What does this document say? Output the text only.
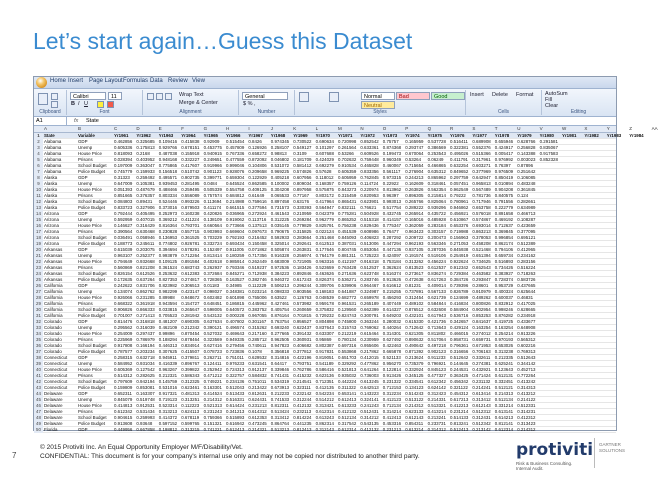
Let’s start again…Guess this Dataset
Home Insert Page Layout Formulas Data Review View
Clipboard
Calibri	11
B I U
Font
Wrap Text
Merge & Center
Alignment
General
$ % ,
Number
Normal	Bad	Good
Neutral
Styles
Insert Delete Format
Cells
AutoSum
Fill
Clear
Editing
A1	fx State
A	B	C	D	E	F	G	H	I	J	K	L	M	N	O	P	Q	R	S	T	U	V	W	X	Y	Z	AA
1 State	Variable	Yr1961 Yr1962 Yr1963 Yr1964 Yr1965 Yr1966 Yr1967 Yr1968 Yr1969 Yr1970 Yr1971 Yr1972 Yr1973 Yr1974 Yr1975 Yr1976 Yr1977 Yr1978 Yr1979 Yr1980 Yr1981 Yr1982 Yr1983 Yr1984
2 Alabama	GDP	0.462856 0.325685 0.109416 0.415838 0.92909 0.515454 0.8426 0.974345 0.730522 0.690634 0.720998 0.852542 0.75757 0.165959 0.537728 0.516411 0.689908 0.655946 0.628766 0.291581
3 Alabama	Unemp	0.605336 0.175813 0.929766 0.678151 0.453775 0.457809 0.126926 0.258107 0.549127 0.101297 0.261564 0.633361 0.874368 0.293747 0.386569 0.322381 0.552376 0.424917 0.256828 0.835067
4 Alabama	House Price	0.818093 0.2168 0.487038 0.155918 0.940915 0.767336 0.658272 0.98813 0.3109 0.607688 0.53266 0.609526 0.199473 0.670064 0.253543 0.495026 0.515366 0.005417 0.143388 0.917583
5 Alabama	Prisons	0.028394 0.403952 0.948168 0.332227 0.249651 0.477559 0.872092 0.046802 0.181709 0.424029 0.702632 0.759448 0.960349 0.53264 0.06249 0.411791 0.317961 0.976992 0.003023 0.852328
6 Alabama	School Budget 0.197009 0.363047 0.775865 0.417607 0.919966 0.999046 0.104806 0.531072 0.581412 0.692279 0.910534 0.465828 0.460067 0.715654 0.466865 0.632254 0.603271 0.76397 0.87896
7 Alabama	Police Budget 0.745779 0.159933 0.156518 0.510742 0.901123 0.928076 0.209658 0.969225 0.574826 0.57628 0.605359 0.833356 0.561117 0.276904 0.635312 0.849652 0.377969 0.976509 0.251642
8 Alaska	GDP	0.31323 0.259492 0.495571 0.902735 0.399771 0.659304 0.122929 0.405218 0.607956 0.118012 0.605959 0.762845 0.973315 0.244213 0.865962 0.297759 0.642947 0.850419 0.106085
9 Alaska	Unemp	0.647009 0.105381 0.939453 0.281495 0.0484 0.645524 0.862585 0.100002 0.809034 0.168357 0.759126 0.114724 0.22922 0.162609 0.318461 0.057451 0.965813 0.010894 0.483248
10 Alaska	House Price	0.051393 0.487679 0.488466 0.259495 0.505339 0.554758 0.409125 0.304208 0.897958 0.575875 0.843273 0.220974 0.813962 0.263826 0.562354 0.962549 0.567489 0.904208 0.361845
11 Alaska	Prisons	0.851665 0.376357 0.803334 0.556089 0.757574 0.684812 0.61649 0.065533 0.77167 0.803172 0.315459 0.820953 0.96397 0.896305 0.215814 0.79222 0.781736 0.840575 0.124
12 Alaska	School Budget 0.084803 0.89431 0.524446 0.993226 0.113694 0.214988 0.759616 0.897458 0.63176 0.417964 0.865431 0.623901 0.993013 0.265766 0.825064 0.780961 0.717946 0.791556 0.282661
13 Alaska	Police Budget 0.833723 0.327906 0.373016 0.879503 0.411174 0.661515 0.377594 0.731573 0.330393 0.564947 0.832111 0.76621 0.517754 0.289222 0.939296 0.946862 0.653758 0.222779 0.634989
14 Arizona	GDP	0.792444 0.405495 0.252973 0.160238 0.420826 0.036965 0.272924 0.461543 0.210959 0.042379 0.775281 0.504928 0.432745 0.265914 0.435722 0.456921 0.576018 0.891658 0.466713
15 Arizona	Unemp	0.592959 0.407015 0.369212 0.411224 0.138109 0.919062 0.113716 0.312225 0.269284 0.962779 0.865252 0.515318 0.414157 0.165016 0.485928 0.610867 0.574867 0.469192 0.108287
16 Arizona	House Price	0.146627 0.316429 0.816364 0.793701 0.660564 0.773666 0.137513 0.035145 0.779829 0.825791 0.756238 0.829436 0.775347 0.362059 0.283184 0.653376 0.693014 0.712637 0.423659
17 Arizona	Prisons	0.390564 0.630468 0.230828 0.557715 0.903993 0.669604 0.097673 0.790675 0.315825 0.022124 0.451539 0.608986 0.76477 0.963423 0.303157 0.719988 0.863213 0.369845 0.377095
18 Arizona	School Budget 0.036491 0.058946 0.136953 0.361525 0.703229 0.792193 0.216452 0.592933 0.283664 0.251468 0.845093 0.406823 0.287292 0.209722 0.200473 0.156963 0.378053 0.996854 0.695121
19 Arizona	Police Budget 0.188773 0.245611 0.774802 0.926781 0.332724 0.693434 0.150458 0.325014 0.292641 0.612513 0.387031 0.513006 0.447294 0.962193 0.563346 0.271053 0.458208 0.862174 0.512389
20 Arkansas	GDP	0.615039 0.203075 0.394694 0.578291 0.152497 0.911005 0.071862 0.505874 0.263831 0.177646 0.804745 0.853054 0.447136 0.937105 0.287036 0.845938 0.521468 0.794106 0.412965
21 Arkansas	Unemp	0.963107 0.252377 0.993879 0.712264 0.813414 0.180259 0.717356 0.916328 0.256974 0.764179 0.881311 0.725223 0.424097 0.191574 0.519106 0.254919 0.651394 0.659734 0.234162
22 Arkansas	House Price	0.794649 0.932668 0.109125 0.891584 0.402618 0.985914 0.262449 0.683009 0.721905 0.963316 0.412197 0.916318 0.753184 0.313262 0.456224 0.922624 0.734625 0.516893 0.283156
23 Arkansas	Prisons	0.560869 0.821208 0.361524 0.683743 0.262937 0.793346 0.519237 0.972536 0.183426 0.523659 0.763428 0.512537 0.362624 0.813523 0.612537 0.912342 0.652543 0.734426 0.516224
24 Arkansas	School Budget 0.826154 0.612526 0.253632 0.612383 0.372684 0.845271 0.712938 0.384223 0.892846 0.463626 0.271636 0.623748 0.516374 0.273617 0.836274 0.729384 0.463582 0.383927 0.718263
25 Arkansas	Police Budget 0.172635 0.637264 0.827353 0.274817 0.728365 0.163527 0.382746 0.946372 0.617243 0.826374 0.536271 0.283746 0.913626 0.472638 0.617263 0.384726 0.293847 0.728374 0.583726
26 California	GDP	0.242622 0.831706 0.823982 0.306513 0.01183 0.34985 0.112229 0.506213 0.296244 0.309706 0.539906 0.964467 0.616612 0.81231 0.409014 0.739396 0.28601 0.953729 0.437665
27 California	Unemp	0.134074 0.862762 0.982299 0.423147 0.098027 0.348381 0.023214 0.098333 0.903556 0.168183 0.641887 0.324987 0.215255 0.737891 0.567133 0.826789 0.910979 0.400324 0.625644
28 California	House Price	0.926066 0.231285 0.89988 0.948672 0.602482 0.601898 0.755006 0.63522 0.126763 0.048539 0.682772 0.659978 0.456293 0.312454 0.621739 0.124699 0.489262 0.600037 0.46831
29 California	Prisons	0.668322 0.361918 0.943594 0.154727 0.648451 0.186815 0.445962 0.427461 0.573982 0.959178 0.961531 0.265189 0.407449 0.489102 0.584844 0.416834 0.800826 0.832912 0.417025
30 California	School Budget 0.906826 0.866333 0.033815 0.265647 0.598005 0.640572 0.383752 0.405754 0.260659 0.375832 0.129560 0.662399 0.614327 0.876512 0.632608 0.584904 0.902954 0.998246 0.628665
31 California	Police Budget 0.701007 0.271413 0.705523 0.281942 0.543132 0.000228 0.967055 0.876164 0.701815 0.729232 0.824743 0.300791 0.649203 0.432101 0.617943 0.536716 0.853253 0.876282 0.234918
32 Colorado	GDP	0.814476 0.316818 0.481207 0.690305 0.637634 0.407802 0.301167 0.763754 0.956527 0.804898 0.745800 0.363244 0.280032 0.615330 0.421736 0.342657 0.841637 0.419725 0.433677
33 Colorado	Unemp	0.295562 0.316039 0.462109 0.212342 0.390121 0.496574 0.315262 0.693240 0.622437 0.837643 0.315743 0.769062 0.440264 0.712642 0.713643 0.429124 0.163254 0.163254 0.648908
34 Colorado	House Price	0.254009 0.297437 0.99896 0.870454 0.527032 0.469643 0.217160 0.277665 0.391432 0.633307 0.212219 0.615464 0.314301 0.621305 0.811802 0.466015 0.274012 0.254214 0.913226
35 Colorado	Prisons	0.225969 0.786979 0.188294 0.878464 0.323569 0.949335 0.285712 0.962505 0.360931 0.95869 0.780134 0.230959 0.627492 0.890632 0.517064 0.958731 0.659731 0.970193 0.565312
36 Colorado	School Budget 0.917808 0.166194 0.446313 0.834914 0.627416 0.279456 0.740611 0.947823 0.406682 0.802387 0.697316 0.955606 0.422463 0.490642 0.497218 0.796361 0.671953 0.653026 0.602216
37 Colorado	Police Budget 0.787577 0.203234 0.307625 0.415507 0.078723 0.723836 0.1078 0.356818 0.377812 0.917831 0.553868 0.217862 0.665878 0.871392 0.902123 0.316656 0.706163 0.313238 0.769313
38 Connecticut GDP	0.258315 0.632718 0.945911 0.379811 0.262711 0.751011 0.629532 0.314816 0.422196 0.819051 0.651703 0.412015 0.521133 0.213624 0.911233 0.512642 0.332611 0.212335 0.512643
39 Connecticut Unemp	0.584952 0.931034 0.416339 0.896767 0.124411 0.976233 0.631541 0.64417 0.793751 0.541189 0.329292 0.477862 0.956270 0.735379 0.796921 0.144645 0.274381 0.625241 0.344142
40 Connecticut House Price	0.605369 0.127542 0.963267 0.399822 0.252942 0.724313 0.912137 0.339846 0.762786 0.586416 0.521813 0.641264 0.122814 0.332924 0.845123 0.244531 0.432921 0.123643 0.452713
41 Connecticut Prisons	0.514312 0.282625 0.212321 0.586343 0.471212 0.322757 0.584832 0.741431 0.415232 0.623136 0.935032 0.736003 0.913426 0.345125 0.477327 0.363425 0.471424 0.612131 0.772264
42 Connecticut School Budget 0.797609 0.942194 0.145759 0.312325 0.749221 0.234136 0.751011 0.534319 0.214541 0.712351 0.442224 0.613245 0.231322 0.334541 0.612342 0.456342 0.231132 0.332451 0.413242
43 Connecticut Police Budget 0.159809 0.853081 0.531016 0.623461 0.163301 0.512043 0.213422 0.673913 0.323111 0.412135 0.311322 0.642513 0.712153 0.134123 0.624142 0.321122 0.214241 0.512121 0.314313
44 Delaware	GDP	0.652311 0.163307 0.917321 0.481313 0.414524 0.513433 0.812631 0.212233 0.232142 0.542234 0.653141 0.143223 0.312234 0.514243 0.312423 0.454312 0.613414 0.214313 0.413212
45 Delaware	Unemp	0.845079 0.519748 0.719123 0.313251 0.214312 0.516331 0.624431 0.741533 0.312244 0.514212 0.612413 0.324141 0.412123 0.513122 0.214331 0.617213 0.313412 0.512134 0.214122
46 Delaware	House Price	0.414813 0.912531 0.523314 0.112223 0.521313 0.614424 0.231213 0.812311 0.412132 0.313421 0.613233 0.241243 0.712134 0.214312 0.513321 0.412213 0.612143 0.331214 0.512331
47 Delaware	Prisons	0.612342 0.531434 0.313213 0.624113 0.231243 0.341213 0.614312 0.513424 0.232113 0.612314 0.412132 0.512431 0.314214 0.623133 0.413214 0.231214 0.512312 0.613141 0.314231
48 Delaware	School Budget 0.904615 0.259993 0.414372 0.678119 0.759366 0.515893 0.612353 0.313412 0.814224 0.613243 0.512134 0.314212 0.412413 0.612143 0.213241 0.514133 0.312431 0.614213 0.412312
49 Delaware	Police Budget 0.913608 0.93648 0.597152 0.599765 0.151321 0.616942 0.473245 0.864764 0.441235 0.862314 0.317542 0.543135 0.453316 0.854311 0.233731 0.813241 0.512342 0.812141 0.313423
50 Florida	GDP	0.449956 0.667858 0.198812 0.313215 0.741221 0.612413 0.214321 0.513213 0.812413 0.312143 0.612314 0.412132 0.231213 0.613214 0.314312 0.512413 0.213142 0.612314 0.214312
7
© 2015 Protiviti Inc. An Equal Opportunity Employer M/F/Disability/Vet.
CONFIDENTIAL: This document is for your company's internal use only and may not be copied nor distributed to another third party.	protiviti
Risk & Business Consulting. Internal Audit.
GARTNER
SOLUTIONS
